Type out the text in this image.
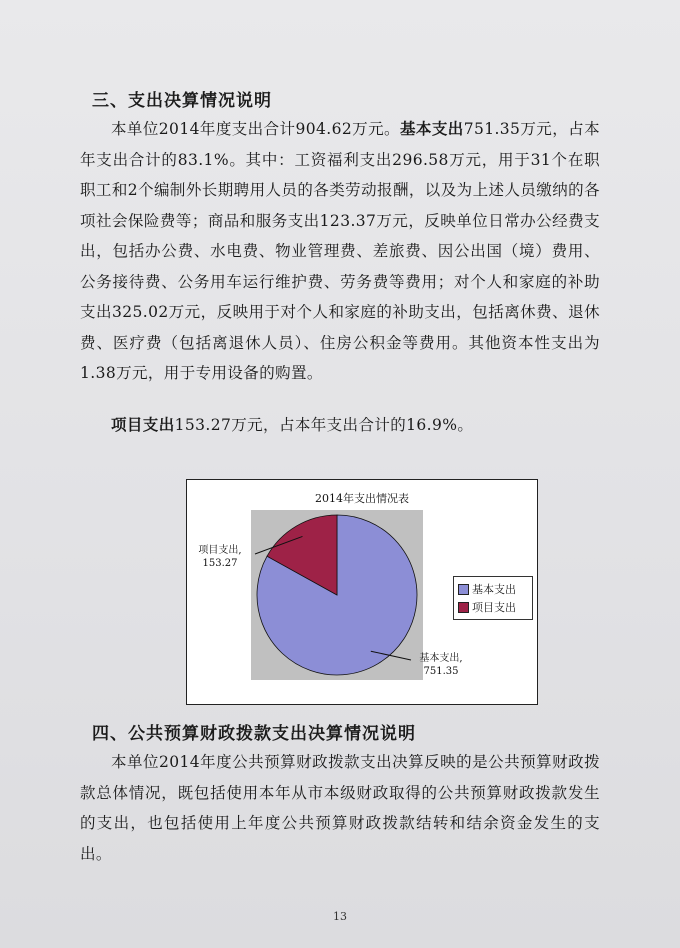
三、支出决算情况说明
本单位2014年度支出合计904.62万元。基本支出751.35万元，占本年支出合计的83.1%。其中：工资福利支出296.58万元，用于31个在职职工和2个编制外长期聘用人员的各类劳动报酬，以及为上述人员缴纳的各项社会保险费等；商品和服务支出123.37万元，反映单位日常办公经费支出，包括办公费、水电费、物业管理费、差旅费、因公出国（境）费用、公务接待费、公务用车运行维护费、劳务费等费用；对个人和家庭的补助支出325.02万元，反映用于对个人和家庭的补助支出，包括离休费、退休费、医疗费（包括离退休人员）、住房公积金等费用。其他资本性支出为1.38万元，用于专用设备的购置。
项目支出153.27万元，占本年支出合计的16.9%。
2014年支出情况表
项目支出,
153.27
基本支出,
751.35
基本支出
项目支出
四、公共预算财政拨款支出决算情况说明
本单位2014年度公共预算财政拨款支出决算反映的是公共预算财政拨款总体情况，既包括使用本年从市本级财政取得的公共预算财政拨款发生的支出，也包括使用上年度公共预算财政拨款结转和结余资金发生的支出。
13
